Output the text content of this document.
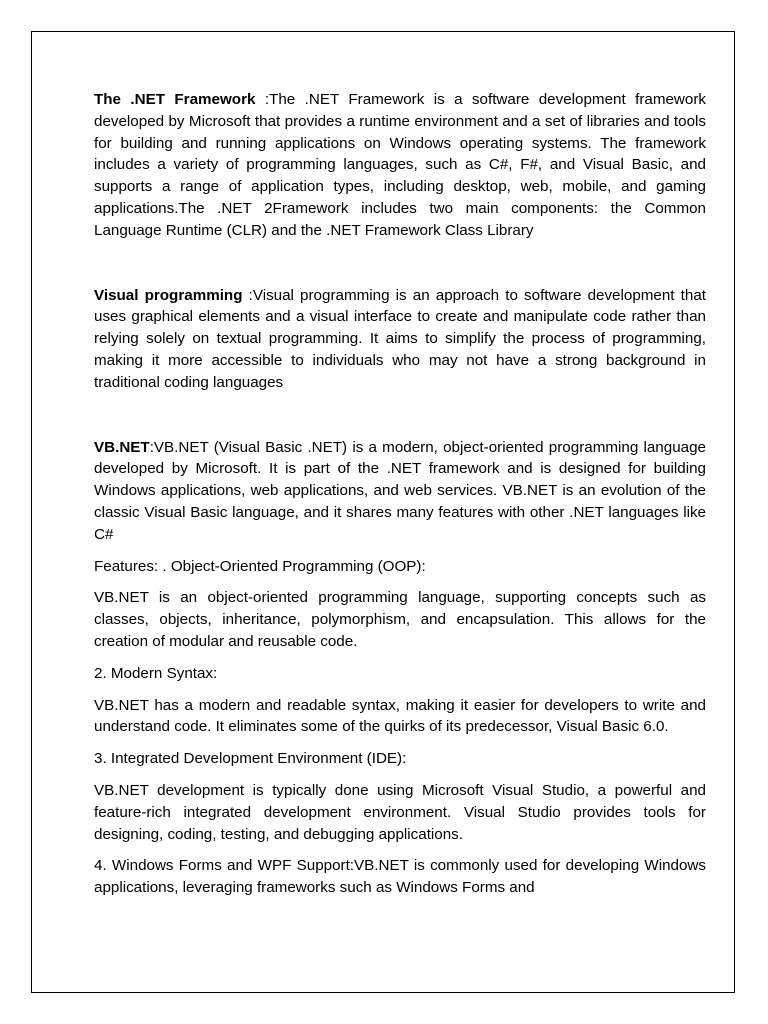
The .NET Framework :The .NET Framework is a software development framework developed by Microsoft that provides a runtime environment and a set of libraries and tools for building and running applications on Windows operating systems. The framework includes a variety of programming languages, such as C#, F#, and Visual Basic, and supports a range of application types, including desktop, web, mobile, and gaming applications.The .NET 2Framework includes two main components: the Common Language Runtime (CLR) and the .NET Framework Class Library

Visual programming :Visual programming is an approach to software development that uses graphical elements and a visual interface to create and manipulate code rather than relying solely on textual programming. It aims to simplify the process of programming, making it more accessible to individuals who may not have a strong background in traditional coding languages

VB.NET:VB.NET (Visual Basic .NET) is a modern, object-oriented programming language developed by Microsoft. It is part of the .NET framework and is designed for building Windows applications, web applications, and web services. VB.NET is an evolution of the classic Visual Basic language, and it shares many features with other .NET languages like C#

Features: . Object-Oriented Programming (OOP):

VB.NET is an object-oriented programming language, supporting concepts such as classes, objects, inheritance, polymorphism, and encapsulation. This allows for the creation of modular and reusable code.

2. Modern Syntax:

VB.NET has a modern and readable syntax, making it easier for developers to write and understand code. It eliminates some of the quirks of its predecessor, Visual Basic 6.0.

3. Integrated Development Environment (IDE):

VB.NET development is typically done using Microsoft Visual Studio, a powerful and feature-rich integrated development environment. Visual Studio provides tools for designing, coding, testing, and debugging applications.

4. Windows Forms and WPF Support:VB.NET is commonly used for developing Windows applications, leveraging frameworks such as Windows Forms and
